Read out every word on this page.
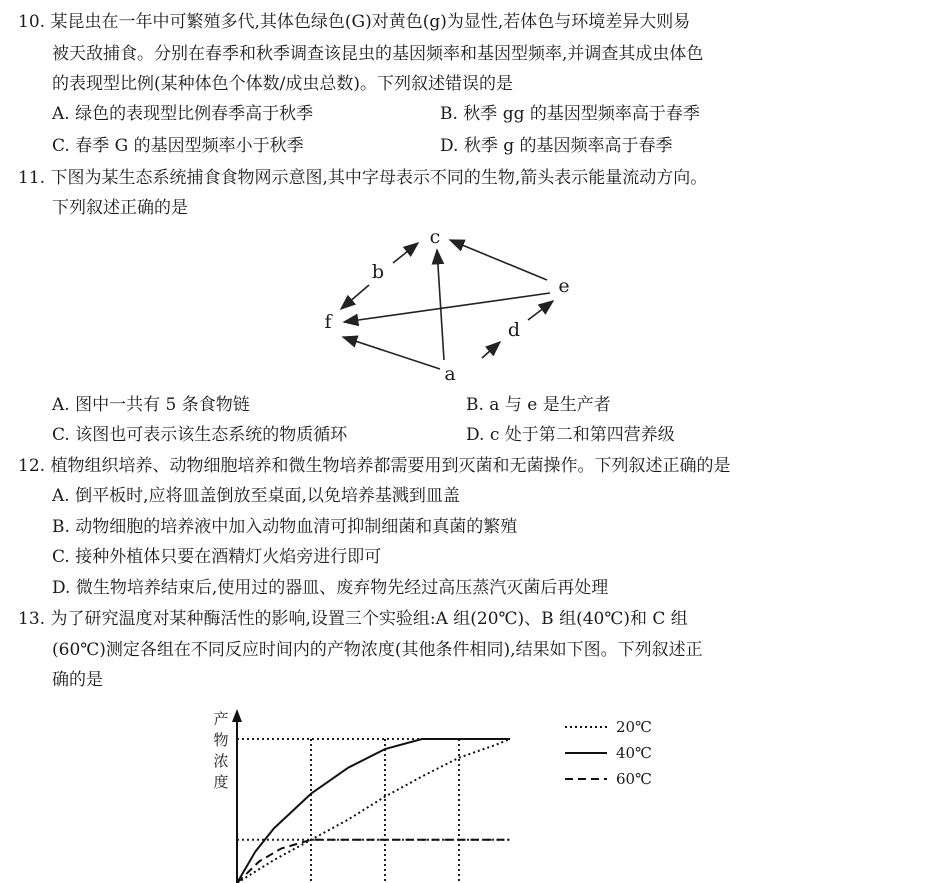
10. 某昆虫在一年中可繁殖多代,其体色绿色(G)对黄色(g)为显性,若体色与环境差异大则易
被天敌捕食。分别在春季和秋季调查该昆虫的基因频率和基因型频率,并调查其成虫体色
的表现型比例(某种体色个体数/成虫总数)。下列叙述错误的是
A. 绿色的表现型比例春季高于秋季	B. 秋季 gg 的基因型频率高于春季
C. 春季 G 的基因型频率小于秋季	D. 秋季 g 的基因频率高于春季
11. 下图为某生态系统捕食食物网示意图,其中字母表示不同的生物,箭头表示能量流动方向。
下列叙述正确的是
c
b
e
f	d
a
A. 图中一共有 5 条食物链	B. a 与 e 是生产者
C. 该图也可表示该生态系统的物质循环	D. c 处于第二和第四营养级
12. 植物组织培养、动物细胞培养和微生物培养都需要用到灭菌和无菌操作。下列叙述正确的是
A. 倒平板时,应将皿盖倒放至桌面,以免培养基溅到皿盖
B. 动物细胞的培养液中加入动物血清可抑制细菌和真菌的繁殖
C. 接种外植体只要在酒精灯火焰旁进行即可
D. 微生物培养结束后,使用过的器皿、废弃物先经过高压蒸汽灭菌后再处理
13. 为了研究温度对某种酶活性的影响,设置三个实验组:A 组(20℃)、B 组(40℃)和 C 组
(60℃)测定各组在不同反应时间内的产物浓度(其他条件相同),结果如下图。下列叙述正
确的是
产
物
浓
度
20℃
40℃
60℃
